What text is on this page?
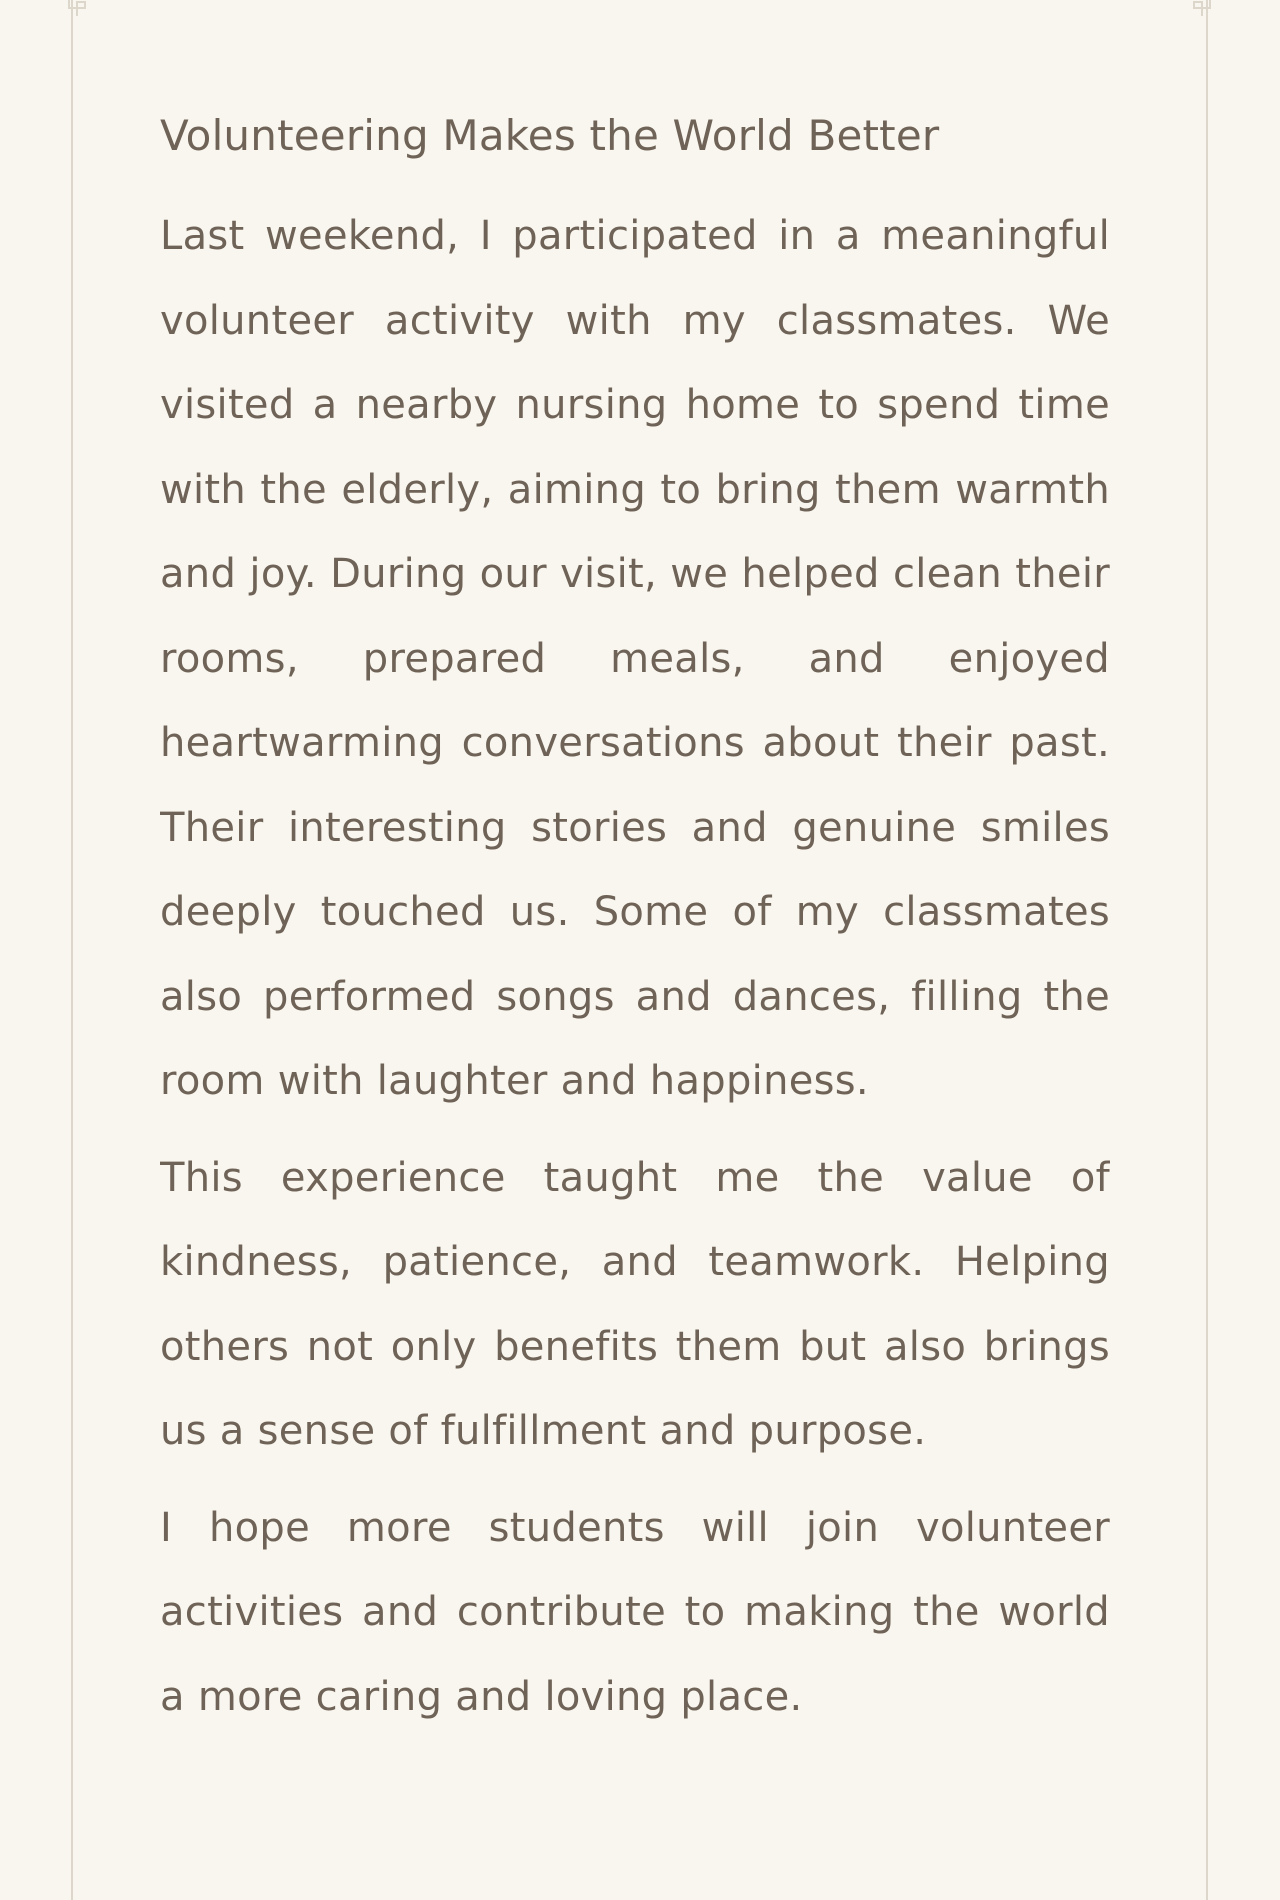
Volunteering Makes the World Better

Last weekend, I participated in a meaningful volunteer activity with my classmates. We visited a nearby nursing home to spend time with the elderly, aiming to bring them warmth and joy. During our visit, we helped clean their rooms, prepared meals, and enjoyed heartwarming conversations about their past. Their interesting stories and genuine smiles deeply touched us. Some of my classmates also performed songs and dances, filling the room with laughter and happiness.

This experience taught me the value of kindness, patience, and teamwork. Helping others not only benefits them but also brings us a sense of fulfillment and purpose.

I hope more students will join volunteer activities and contribute to making the world a more caring and loving place.
